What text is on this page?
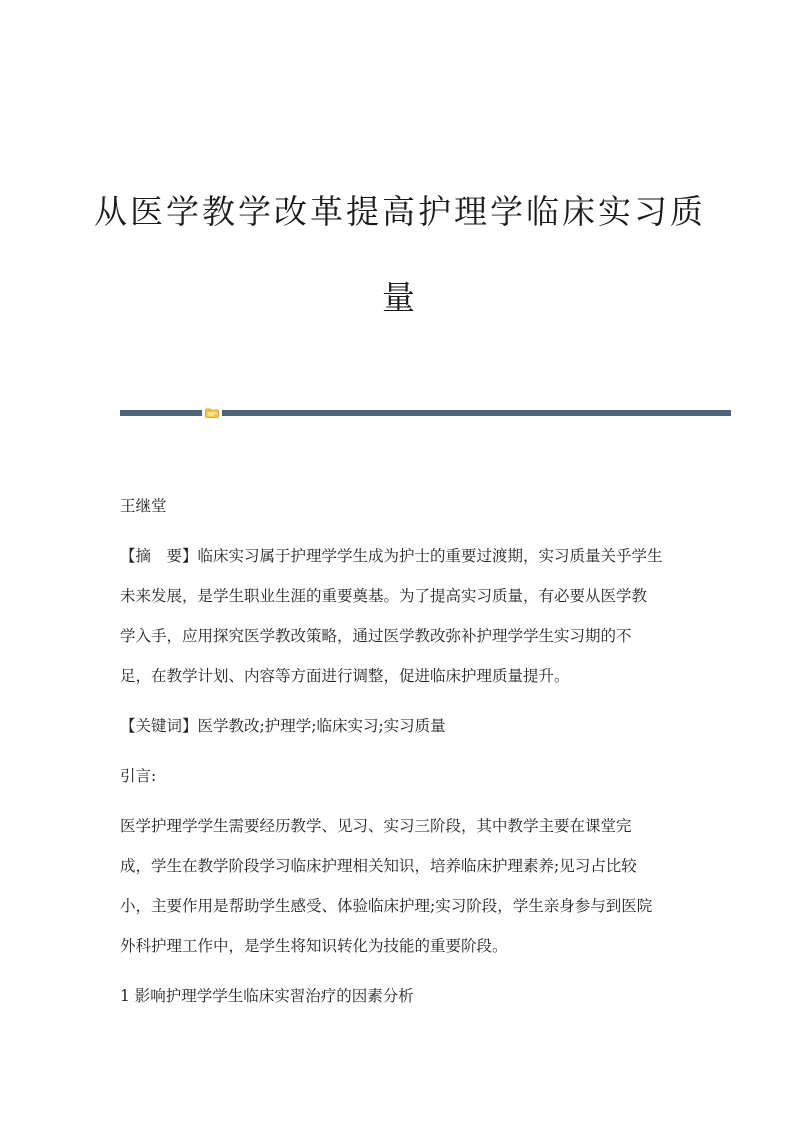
从医学教学改革提高护理学临床实习质
量
王继堂
【摘　要】临床实习属于护理学学生成为护士的重要过渡期，实习质量关乎学生
未来发展，是学生职业生涯的重要奠基。为了提高实习质量，有必要从医学教
学入手，应用探究医学教改策略，通过医学教改弥补护理学学生实习期的不
足，在教学计划、内容等方面进行调整，促进临床护理质量提升。
【关键词】医学教改;护理学;临床实习;实习质量
引言:
医学护理学学生需要经历教学、见习、实习三阶段，其中教学主要在课堂完
成，学生在教学阶段学习临床护理相关知识，培养临床护理素养;见习占比较
小，主要作用是帮助学生感受、体验临床护理;实习阶段，学生亲身参与到医院
外科护理工作中，是学生将知识转化为技能的重要阶段。
1 影响护理学学生临床实習治疗的因素分析
